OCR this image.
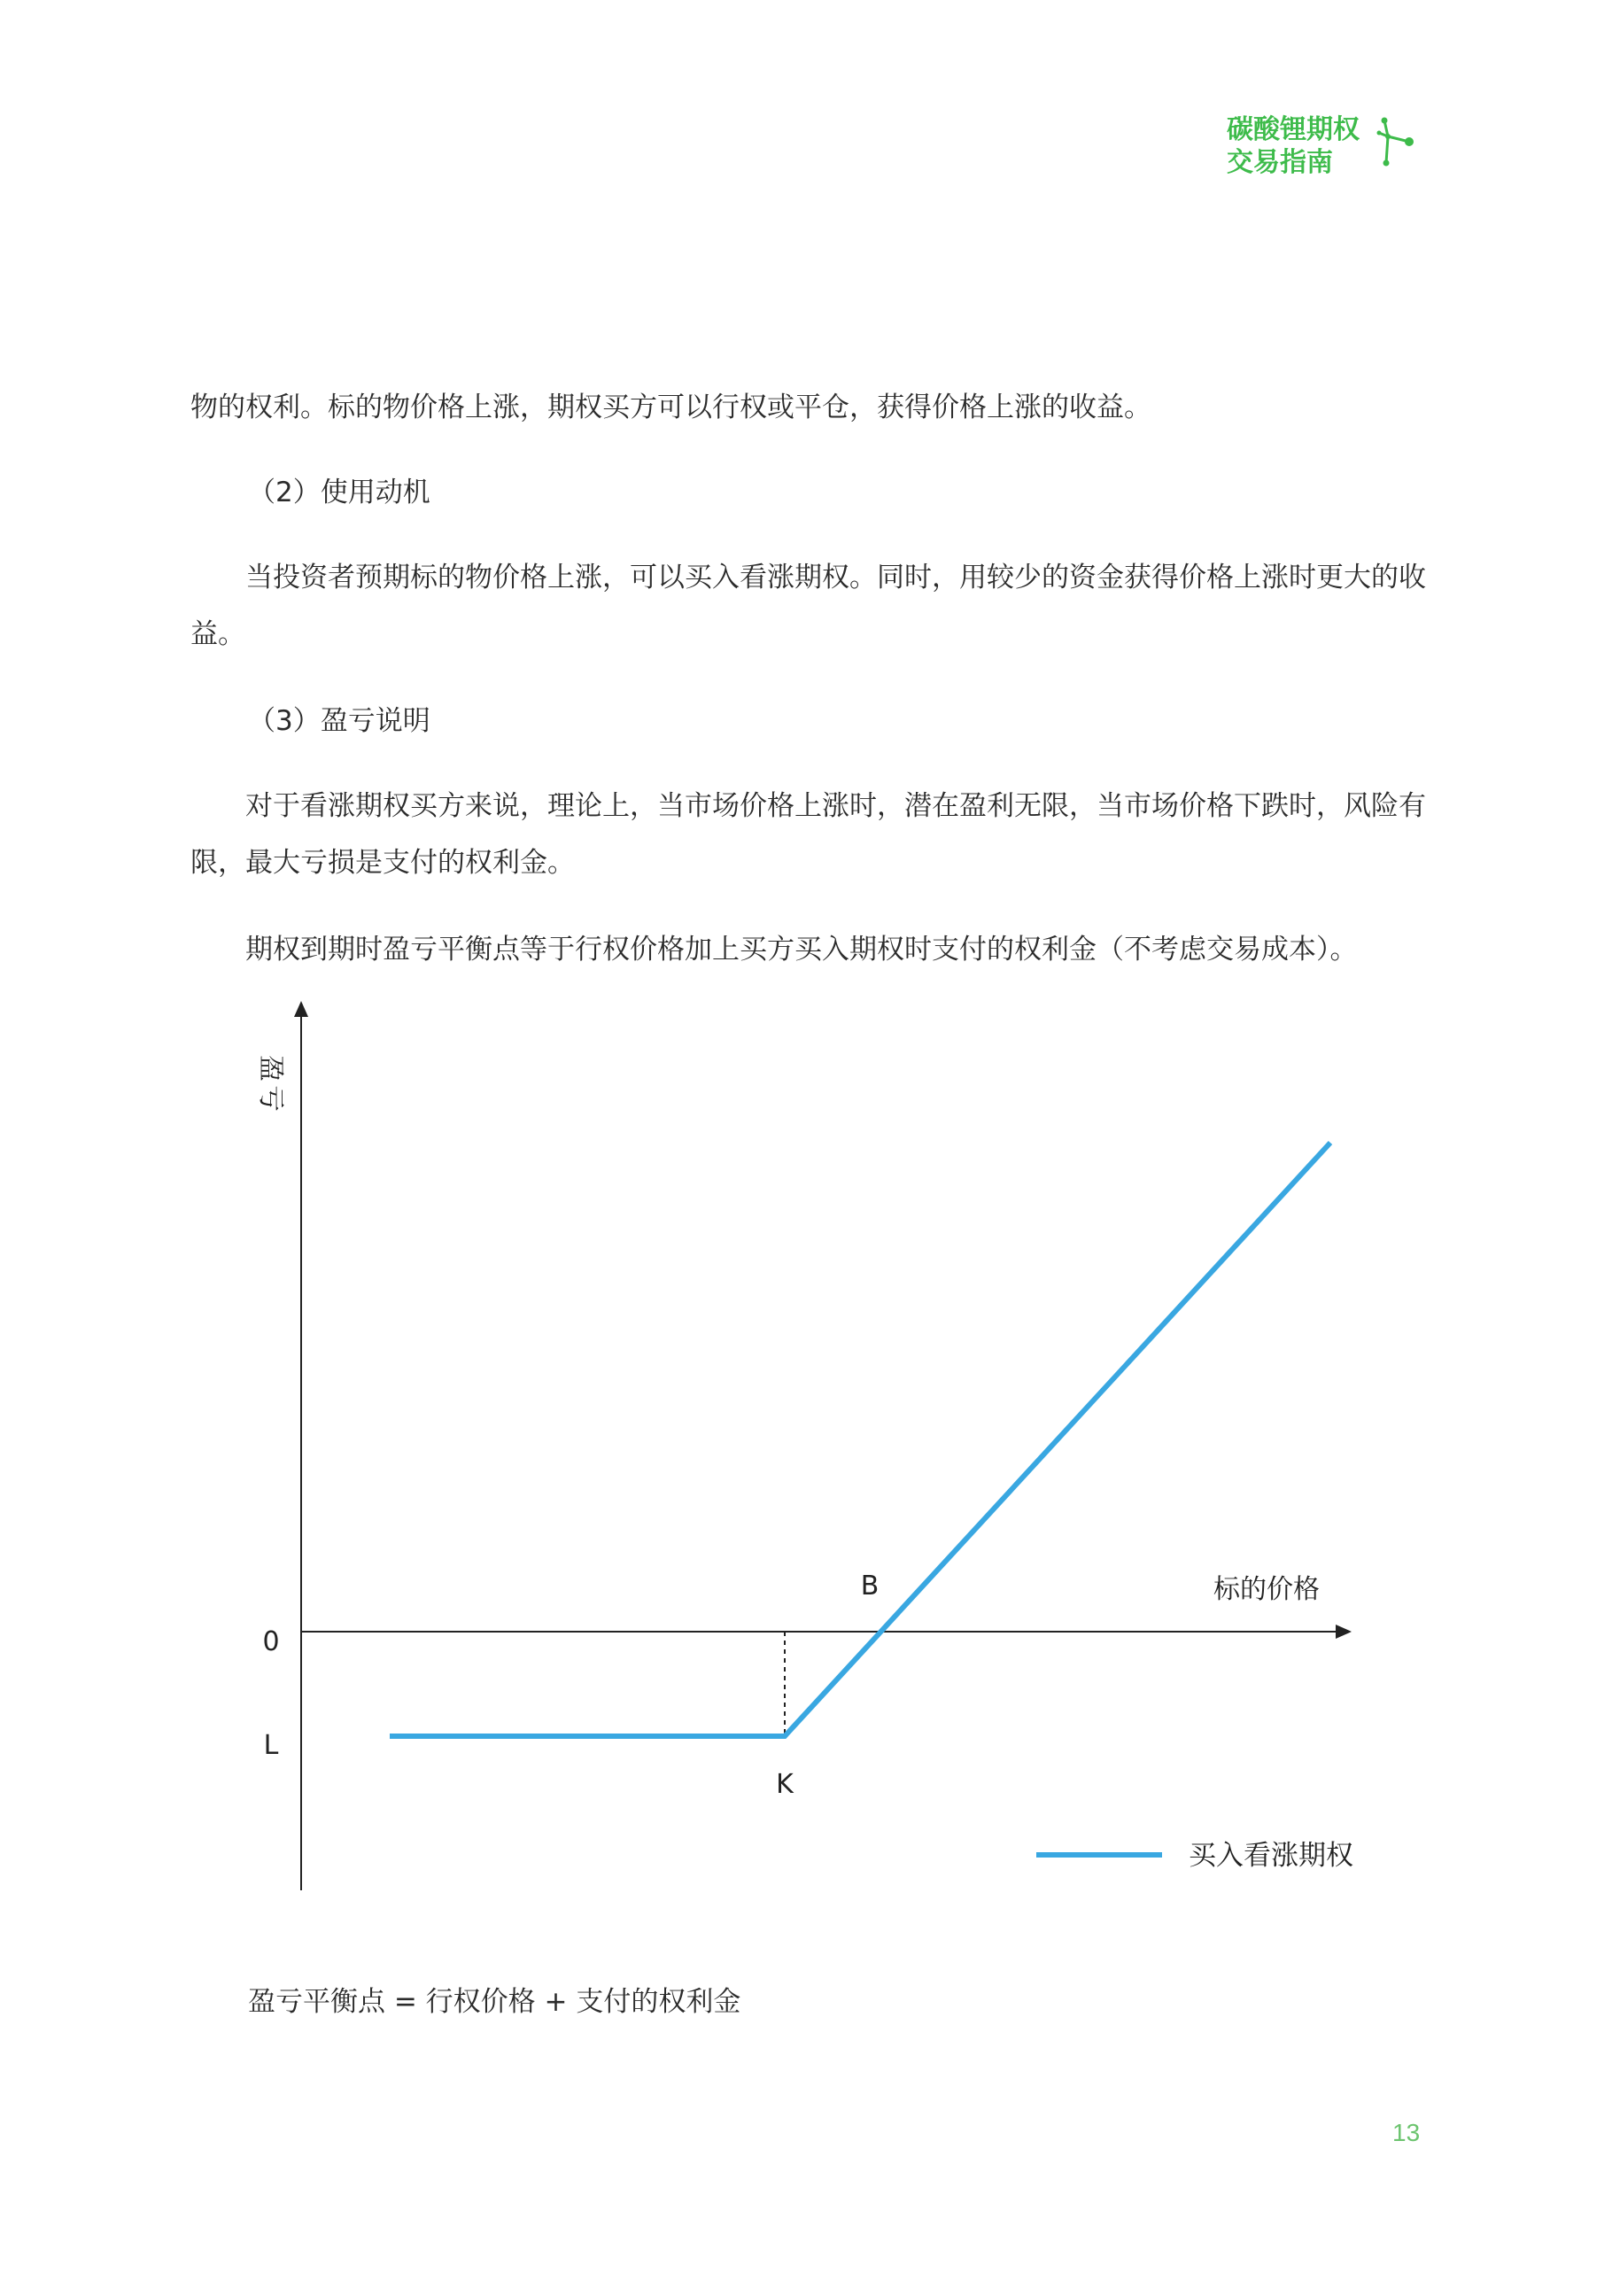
碳酸锂期权
交易指南

物的权利。标的物价格上涨，期权买方可以行权或平仓，获得价格上涨的收益。

（2）使用动机

当投资者预期标的物价格上涨，可以买入看涨期权。同时，用较少的资金获得价格上涨时更大的收益。

（3）盈亏说明

对于看涨期权买方来说，理论上，当市场价格上涨时，潜在盈利无限，当市场价格下跌时，风险有限，最大亏损是支付的权利金。

期权到期时盈亏平衡点等于行权价格加上买方买入期权时支付的权利金（不考虑交易成本）。

盈
亏
标的价格
0
L
K
B
买入看涨期权
盈亏平衡点 = 行权价格 + 支付的权利金
13
